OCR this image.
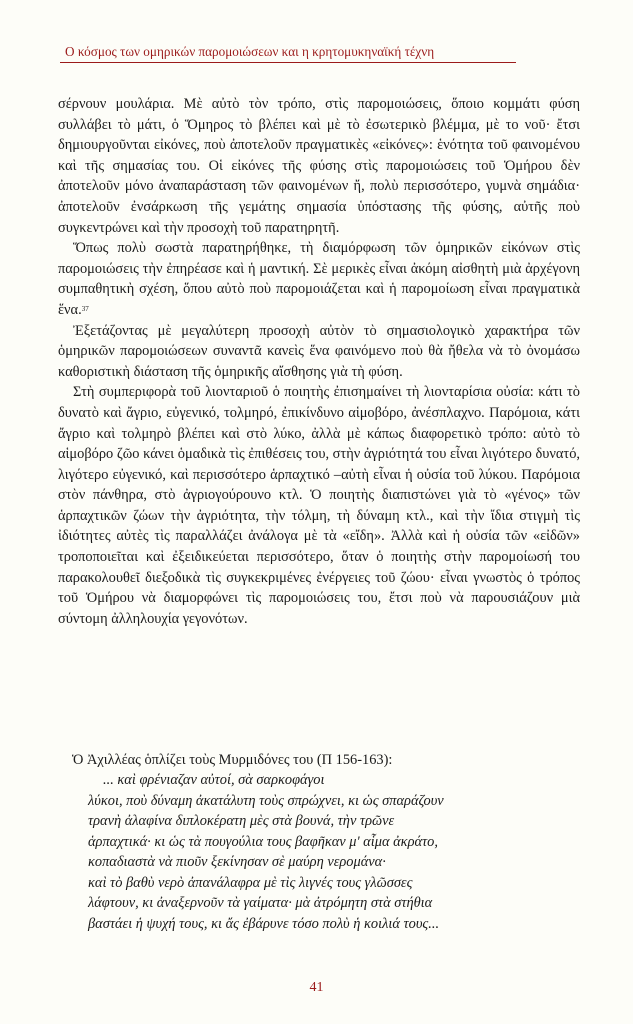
Ο κόσμος των ομηρικών παρομοιώσεων και η κρητομυκηναϊκή τέχνη

σέρνουν μουλάρια. Μὲ αὐτὸ τὸν τρόπο, στὶς παρομοιώσεις, ὅποιο κομμάτι φύση συλλάβει τὸ μάτι, ὁ Ὅμηρος τὸ βλέπει καὶ μὲ τὸ ἐσωτερικὸ βλέμμα, μὲ το νοῦ· ἔτσι δημιουργοῦνται εἰκόνες, ποὺ ἀποτελοῦν πραγματικὲς «εἰκόνες»: ἑνότητα τοῦ φαινομένου καὶ τῆς σημασίας του. Οἱ εἰκόνες τῆς φύσης στὶς παρομοιώσεις τοῦ Ὁμήρου δὲν ἀποτελοῦν μόνο ἀναπαράσταση τῶν φαινομένων ἤ, πολὺ περισσότερο, γυμνὰ σημάδια· ἀποτελοῦν ἐνσάρκωση τῆς γεμάτης σημασία ὑπόστασης τῆς φύσης, αὐτῆς ποὺ συγκεντρώνει καὶ τὴν προσοχὴ τοῦ παρατηρητῆ.

Ὅπως πολὺ σωστὰ παρατηρήθηκε, τὴ διαμόρφωση τῶν ὁμηρικῶν εἰκόνων στὶς παρομοιώσεις τὴν ἐπηρέασε καὶ ἡ μαντική. Σὲ μερικὲς εἶναι ἀκόμη αἰσθητὴ μιὰ ἀρχέγονη συμπαθητικὴ σχέση, ὅπου αὐτὸ ποὺ παρομοιάζεται καὶ ἡ παρομοίωση εἶναι πραγματικὰ ἕνα.$^{37}$

Ἐξετάζοντας μὲ μεγαλύτερη προσοχὴ αὐτὸν τὸ σημασιολογικὸ χαρακτήρα τῶν ὁμηρικῶν παρομοιώσεων συναντᾶ κανεὶς ἕνα φαινόμενο ποὺ θὰ ἤθελα νὰ τὸ ὀνομάσω καθοριστικὴ διάσταση τῆς ὁμηρικῆς αἴσθησης γιὰ τὴ φύση.

Στὴ συμπεριφορὰ τοῦ λιονταριοῦ ὁ ποιητὴς ἐπισημαίνει τὴ λιονταρίσια οὐσία: κάτι τὸ δυνατὸ καὶ ἄγριο, εὐγενικό, τολμηρό, ἐπικίνδυνο αἱμοβόρο, ἀνέσπλαχνο. Παρόμοια, κάτι ἄγριο καὶ τολμηρὸ βλέπει καὶ στὸ λύκο, ἀλλὰ μὲ κάπως διαφορετικὸ τρόπο: αὐτὸ τὸ αἱμοβόρο ζῶο κάνει ὁμαδικὰ τὶς ἐπιθέσεις του, στὴν ἀγριότητά του εἶναι λιγότερο δυνατό, λιγότερο εὐγενικό, καὶ περισσότερο ἁρπαχτικό –αὐτὴ εἶναι ἡ οὐσία τοῦ λύκου. Παρόμοια στὸν πάνθηρα, στὸ ἀγριογούρουνο κτλ. Ὁ ποιητὴς διαπιστώνει γιὰ τὸ «γένος» τῶν ἁρπαχτικῶν ζώων τὴν ἀγριότητα, τὴν τόλμη, τὴ δύναμη κτλ., καὶ τὴν ἴδια στιγμὴ τὶς ἰδιότητες αὐτὲς τὶς παραλλάζει ἀνάλογα μὲ τὰ «εἴδη». Ἀλλὰ καὶ ἡ οὐσία τῶν «εἰδῶν» τροποποιεῖται καὶ ἐξειδικεύεται περισσότερο, ὅταν ὁ ποιητὴς στὴν παρομοίωσή του παρακολουθεῖ διεξοδικὰ τὶς συγκεκριμένες ἐνέργειες τοῦ ζώου· εἶναι γνωστὸς ὁ τρόπος τοῦ Ὁμήρου νὰ διαμορφώνει τὶς παρομοιώσεις του, ἔτσι ποὺ νὰ παρουσιάζουν μιὰ σύντομη ἀλληλουχία γεγονότων.

Ὁ Ἀχιλλέας ὁπλίζει τοὺς Μυρμιδόνες του (Π 156-163):

... καὶ φρένιαζαν αὐτοί, σὰ σαρκοφάγοι
λύκοι, ποὺ δύναμη ἀκατάλυτη τοὺς σπρώχνει, κι ὡς σπαράζουν
τρανὴ ἀλαφίνα διπλοκέρατη μὲς στὰ βουνά, τὴν τρῶνε
ἁρπαχτικά· κι ὡς τὰ πουγούλια τους βαφῆκαν μ' αἷμα ἀκράτο,
κοπαδιαστὰ νὰ πιοῦν ξεκίνησαν σὲ μαύρη νερομάνα·
καὶ τὸ βαθὺ νερὸ ἀπανάλαφρα μὲ τὶς λιγνές τους γλῶσσες
λάφτουν, κι ἀναξερνοῦν τὰ γαίματα· μὰ ἀτρόμητη στὰ στήθια
βαστάει ἡ ψυχή τους, κι ἄς ἐβάρυνε τόσο πολὺ ἡ κοιλιά τους...
41
